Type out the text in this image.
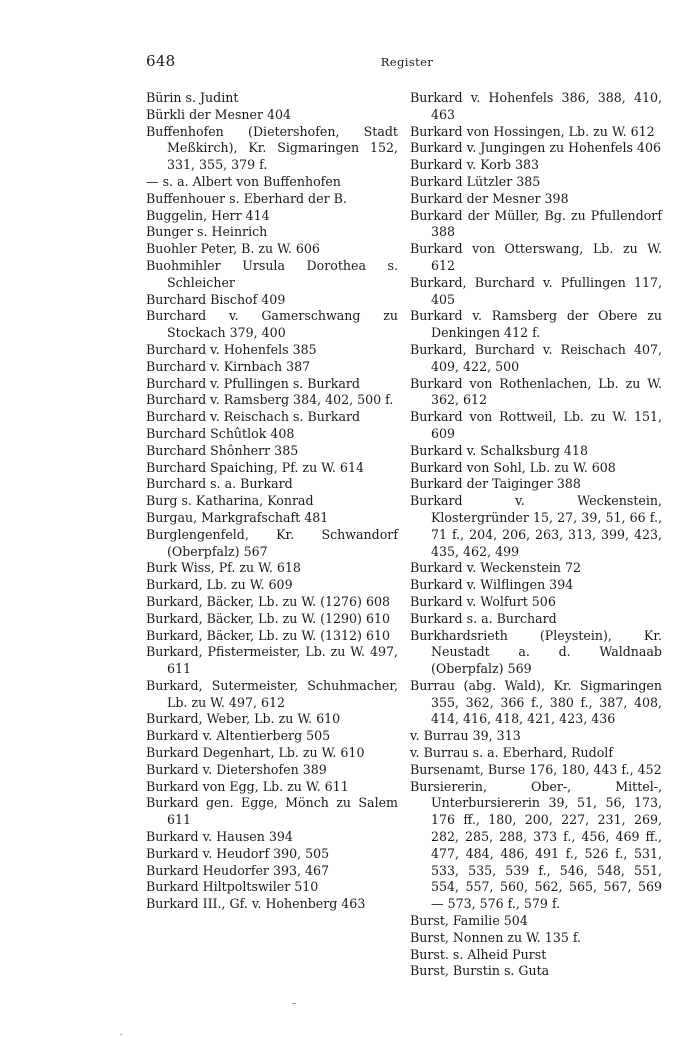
648	Register

Bürin s. Judint

Bürkli der Mesner 404

Buffenhofen (Dietershofen, Stadt Meßkirch), Kr. Sigmaringen 152, 331, 355, 379 f.

— s. a. Albert von Buffenhofen

Buffenhouer s. Eberhard der B.

Buggelin, Herr 414

Bunger s. Heinrich

Buohler Peter, B. zu W. 606

Buohmihler Ursula Dorothea s. Schleicher

Burchard Bischof 409

Burchard v. Gamerschwang zu Stockach 379, 400

Burchard v. Hohenfels 385

Burchard v. Kirnbach 387

Burchard v. Pfullingen s. Burkard

Burchard v. Ramsberg 384, 402, 500 f.

Burchard v. Reischach s. Burkard

Burchard Schûtlok 408

Burchard Shônherr 385

Burchard Spaiching, Pf. zu W. 614

Burchard s. a. Burkard

Burg s. Katharina, Konrad

Burgau, Markgrafschaft 481

Burglengenfeld, Kr. Schwandorf (Oberpfalz) 567

Burk Wiss, Pf. zu W. 618

Burkard, Lb. zu W. 609

Burkard, Bäcker, Lb. zu W. (1276) 608

Burkard, Bäcker, Lb. zu W. (1290) 610

Burkard, Bäcker, Lb. zu W. (1312) 610

Burkard, Pfistermeister, Lb. zu W. 497, 611

Burkard, Sutermeister, Schuhmacher, Lb. zu W. 497, 612

Burkard, Weber, Lb. zu W. 610

Burkard v. Altentierberg 505

Burkard Degenhart, Lb. zu W. 610

Burkard v. Dietershofen 389

Burkard von Egg, Lb. zu W. 611

Burkard gen. Egge, Mönch zu Salem 611

Burkard v. Hausen 394

Burkard v. Heudorf 390, 505

Burkard Heudorfer 393, 467

Burkard Hiltpoltswiler 510

Burkard III., Gf. v. Hohenberg 463

Burkard v. Hohenfels 386, 388, 410, 463

Burkard von Hossingen, Lb. zu W. 612

Burkard v. Jungingen zu Hohenfels 406

Burkard v. Korb 383

Burkard Lützler 385

Burkard der Mesner 398

Burkard der Müller, Bg. zu Pfullendorf 388

Burkard von Otterswang, Lb. zu W. 612

Burkard, Burchard v. Pfullingen 117, 405

Burkard v. Ramsberg der Obere zu Denkingen 412 f.

Burkard, Burchard v. Reischach 407, 409, 422, 500

Burkard von Rothenlachen, Lb. zu W. 362, 612

Burkard von Rottweil, Lb. zu W. 151, 609

Burkard v. Schalksburg 418

Burkard von Sohl, Lb. zu W. 608

Burkard der Taiginger 388

Burkard v. Weckenstein, Klostergründer 15, 27, 39, 51, 66 f., 71 f., 204, 206, 263, 313, 399, 423, 435, 462, 499

Burkard v. Weckenstein 72

Burkard v. Wilflingen 394

Burkard v. Wolfurt 506

Burkard s. a. Burchard

Burkhardsrieth (Pleystein), Kr. Neustadt a. d. Waldnaab (Oberpfalz) 569

Burrau (abg. Wald), Kr. Sigmaringen 355, 362, 366 f., 380 f., 387, 408, 414, 416, 418, 421, 423, 436

v. Burrau 39, 313

v. Burrau s. a. Eberhard, Rudolf

Bursenamt, Burse 176, 180, 443 f., 452

Bursiererin, Ober-, Mittel-, Unterbursiererin 39, 51, 56, 173, 176 ff., 180, 200, 227, 231, 269, 282, 285, 288, 373 f., 456, 469 ff., 477, 484, 486, 491 f., 526 f., 531, 533, 535, 539 f., 546, 548, 551, 554, 557, 560, 562, 565, 567, 569 — 573, 576 f., 579 f.

Burst, Familie 504

Burst, Nonnen zu W. 135 f.

Burst. s. Alheid Purst

Burst, Burstin s. Guta
